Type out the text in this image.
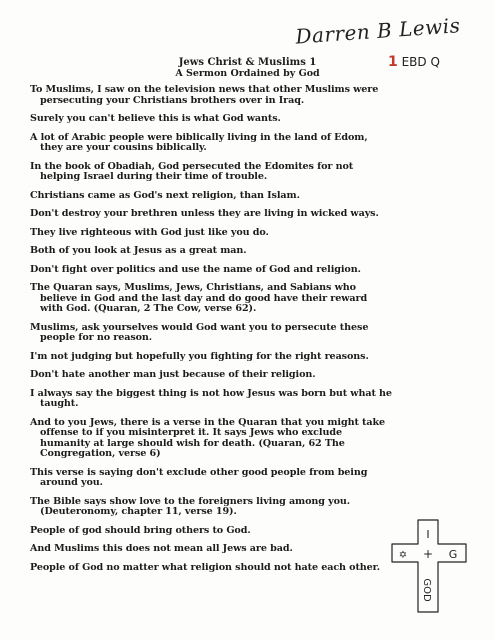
Darren B Lewis
1 EBD Q

Jews Christ & Muslims 1

A Sermon Ordained by God

To Muslims, I saw on the television news that other Muslims were persecuting your Christians brothers over in Iraq.

Surely you can't believe this is what God wants.

A lot of Arabic people were biblically living in the land of Edom, they are your cousins biblically.

In the book of Obadiah, God persecuted the Edomites for not helping Israel during their time of trouble.

Christians came as God's next religion, than Islam.

Don't destroy your brethren unless they are living in wicked ways.

They live righteous with God just like you do.

Both of you look at Jesus as a great man.

Don't fight over politics and use the name of God and religion.

The Quaran says, Muslims, Jews, Christians, and Sabians who believe in God and the last day and do good have their reward with God. (Quaran, 2 The Cow, verse 62).

Muslims, ask yourselves would God want you to persecute these people for no reason.

I'm not judging but hopefully you fighting for the right reasons.

Don't hate another man just because of their religion.

I always say the biggest thing is not how Jesus was born but what he taught.

And to you Jews, there is a verse in the Quaran that you might take offense to if you misinterpret it. It says Jews who exclude humanity at large should wish for death. (Quaran, 62 The Congregation, verse 6)

This verse is saying don't exclude other good people from being around you.

The Bible says show love to the foreigners living among you. (Deuteronomy, chapter 11, verse 19).

People of god should bring others to God.

And Muslims this does not mean all Jews are bad.

People of God no matter what religion should not hate each other.

I
✡ + G
GOD
